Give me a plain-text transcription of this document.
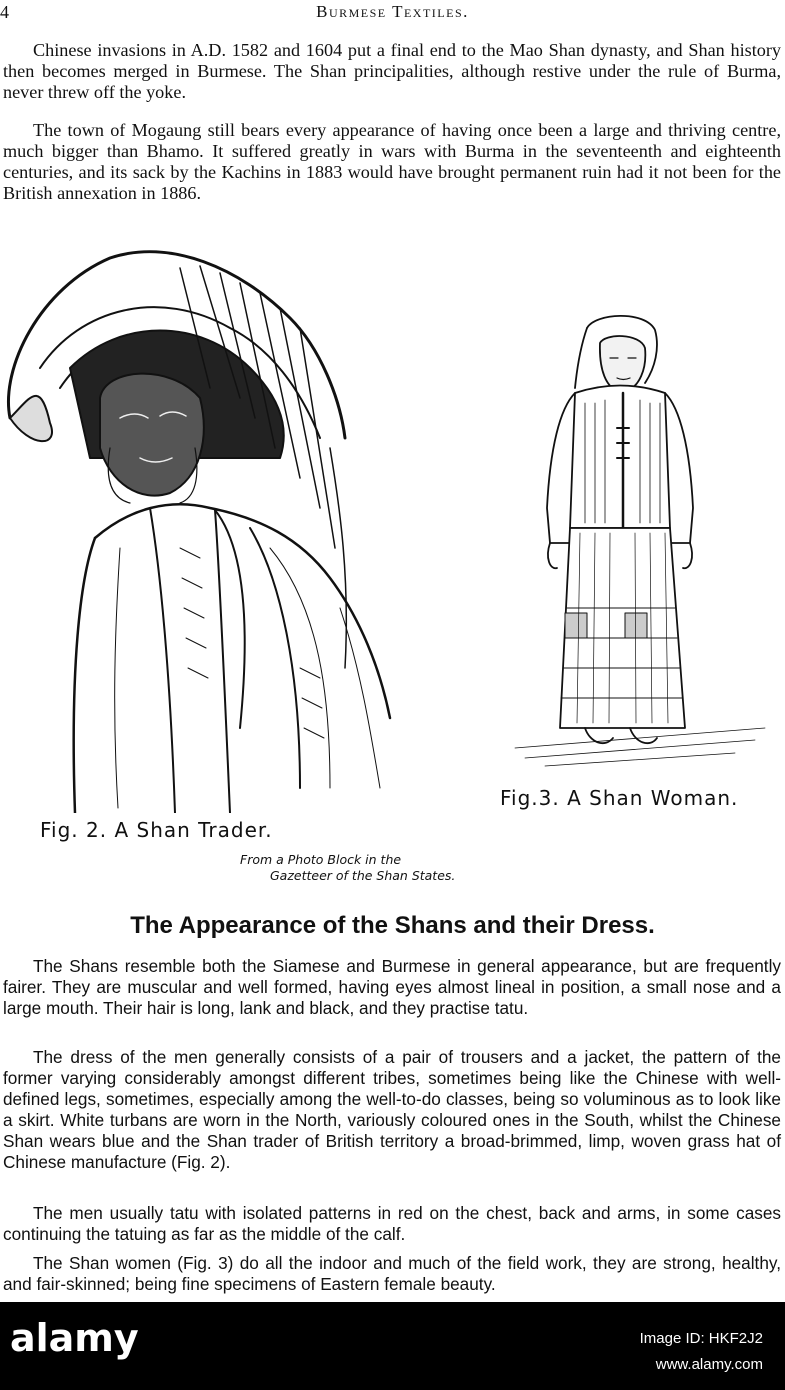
4	Burmese Textiles.

Chinese invasions in A.D. 1582 and 1604 put a final end to the Mao Shan dynasty, and Shan history then becomes merged in Burmese. The Shan principalities, although restive under the rule of Burma, never threw off the yoke.

The town of Mogaung still bears every appearance of having once been a large and thriving centre, much bigger than Bhamo. It suffered greatly in wars with Burma in the seventeenth and eighteenth centuries, and its sack by the Kachins in 1883 would have brought permanent ruin had it not been for the British annexation in 1886.

Fig.3. A Shan Woman.
Fig. 2. A Shan Trader.
From a Photo Block in the
Gazetteer of the Shan States.
The Appearance of the Shans and their Dress.

The Shans resemble both the Siamese and Burmese in general appearance, but are frequently fairer. They are muscular and well formed, having eyes almost lineal in position, a small nose and a large mouth. Their hair is long, lank and black, and they practise tatu.

The dress of the men generally consists of a pair of trousers and a jacket, the pattern of the former varying considerably amongst different tribes, sometimes being like the Chinese with well-defined legs, sometimes, especially among the well-to-do classes, being so voluminous as to look like a skirt. White turbans are worn in the North, variously coloured ones in the South, whilst the Chinese Shan wears blue and the Shan trader of British territory a broad-brimmed, limp, woven grass hat of Chinese manufacture (Fig. 2).

The men usually tatu with isolated patterns in red on the chest, back and arms, in some cases continuing the tatuing as far as the middle of the calf.

The Shan women (Fig. 3) do all the indoor and much of the field work, they are strong, healthy, and fair-skinned; being fine specimens of Eastern female beauty.

alamy	Image ID: HKF2J2
www.alamy.com
